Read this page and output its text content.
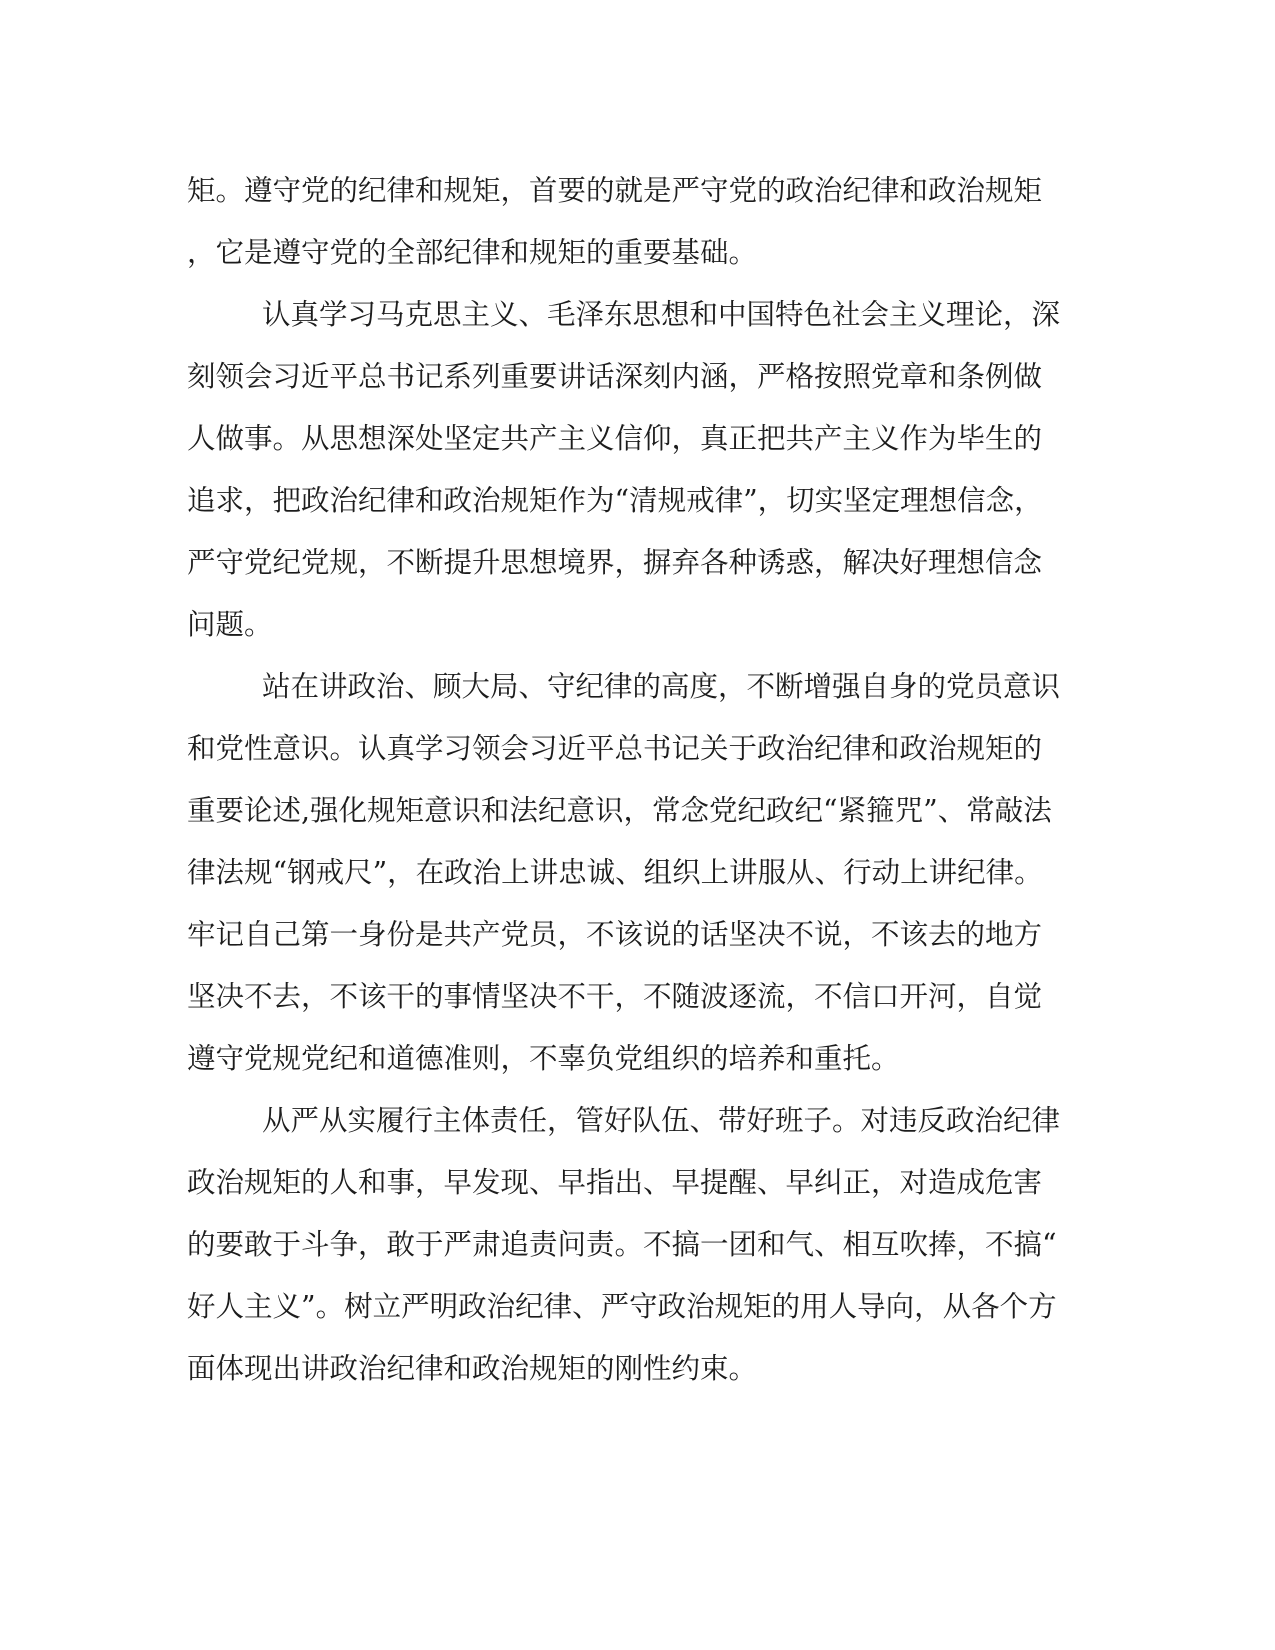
矩。遵守党的纪律和规矩，首要的就是严守党的政治纪律和政治规矩
，它是遵守党的全部纪律和规矩的重要基础。
认真学习马克思主义、毛泽东思想和中国特色社会主义理论，深
刻领会习近平总书记系列重要讲话深刻内涵，严格按照党章和条例做
人做事。从思想深处坚定共产主义信仰，真正把共产主义作为毕生的
追求，把政治纪律和政治规矩作为“清规戒律”，切实坚定理想信念，
严守党纪党规，不断提升思想境界，摒弃各种诱惑，解决好理想信念
问题。
站在讲政治、顾大局、守纪律的高度，不断增强自身的党员意识
和党性意识。认真学习领会习近平总书记关于政治纪律和政治规矩的
重要论述,强化规矩意识和法纪意识，常念党纪政纪“紧箍咒”、常敲法
律法规“钢戒尺”，在政治上讲忠诚、组织上讲服从、行动上讲纪律。
牢记自己第一身份是共产党员，不该说的话坚决不说，不该去的地方
坚决不去，不该干的事情坚决不干，不随波逐流，不信口开河，自觉
遵守党规党纪和道德准则，不辜负党组织的培养和重托。
从严从实履行主体责任，管好队伍、带好班子。对违反政治纪律
政治规矩的人和事，早发现、早指出、早提醒、早纠正，对造成危害
的要敢于斗争，敢于严肃追责问责。不搞一团和气、相互吹捧，不搞“
好人主义”。树立严明政治纪律、严守政治规矩的用人导向，从各个方
面体现出讲政治纪律和政治规矩的刚性约束。
